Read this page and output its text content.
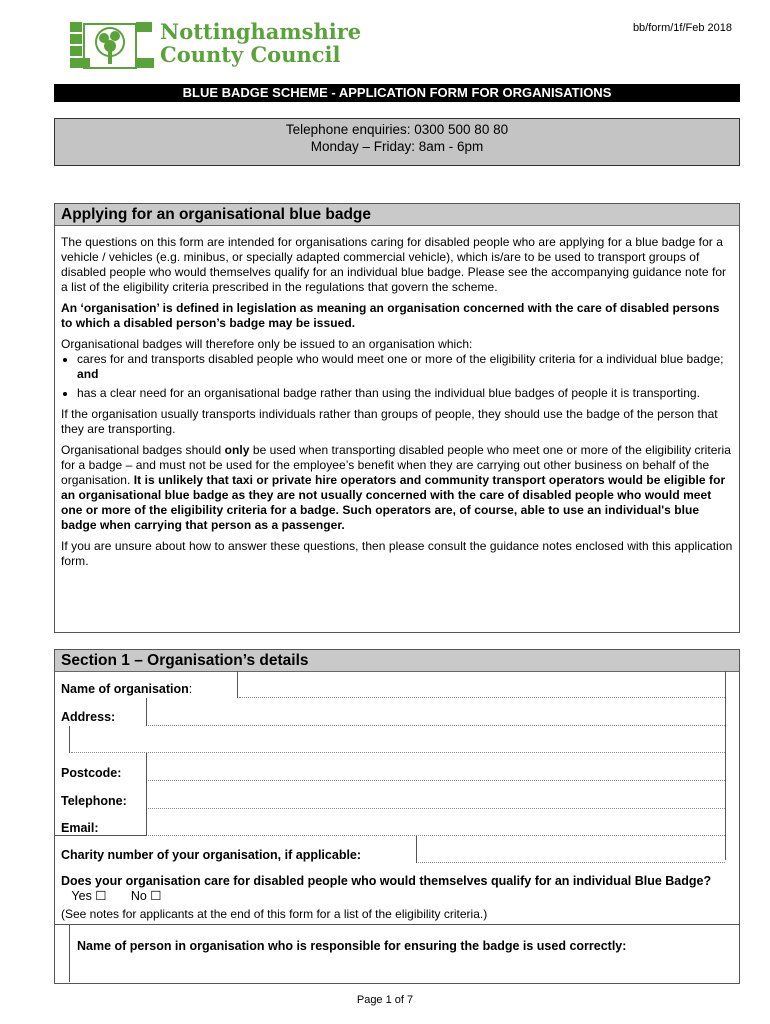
Nottinghamshire
County Council
bb/form/1f/Feb 2018
BLUE BADGE SCHEME - APPLICATION FORM FOR ORGANISATIONS
Telephone enquiries: 0300 500 80 80
Monday – Friday: 8am - 6pm
Applying for an organisational blue badge

The questions on this form are intended for organisations caring for disabled people who are applying for a blue badge for a vehicle / vehicles (e.g. minibus, or specially adapted commercial vehicle), which is/are to be used to transport groups of disabled people who would themselves qualify for an individual blue badge. Please see the accompanying guidance note for a list of the eligibility criteria prescribed in the regulations that govern the scheme.

An ‘organisation’ is defined in legislation as meaning an organisation concerned with the care of disabled persons to which a disabled person’s badge may be issued.

Organisational badges will therefore only be issued to an organisation which:

• cares for and transports disabled people who would meet one or more of the eligibility criteria for a individual blue badge; and
• has a clear need for an organisational badge rather than using the individual blue badges of people it is transporting.

If the organisation usually transports individuals rather than groups of people, they should use the badge of the person that they are transporting.

Organisational badges should only be used when transporting disabled people who meet one or more of the eligibility criteria for a badge – and must not be used for the employee’s benefit when they are carrying out other business on behalf of the organisation. It is unlikely that taxi or private hire operators and community transport operators would be eligible for an organisational blue badge as they are not usually concerned with the care of disabled people who would meet one or more of the eligibility criteria for a badge. Such operators are, of course, able to use an individual's blue badge when carrying that person as a passenger.

If you are unsure about how to answer these questions, then please consult the guidance notes enclosed with this application form.

Section 1 – Organisation’s details
Name of organisation:
Address:
Postcode:
Telephone:
Email:
Charity number of your organisation, if applicable:
Does your organisation care for disabled people who would themselves qualify for an individual Blue Badge?    Yes ☐ No ☐
(See notes for applicants at the end of this form for a list of the eligibility criteria.)
Name of person in organisation who is responsible for ensuring the badge is used correctly:
Page 1 of 7
